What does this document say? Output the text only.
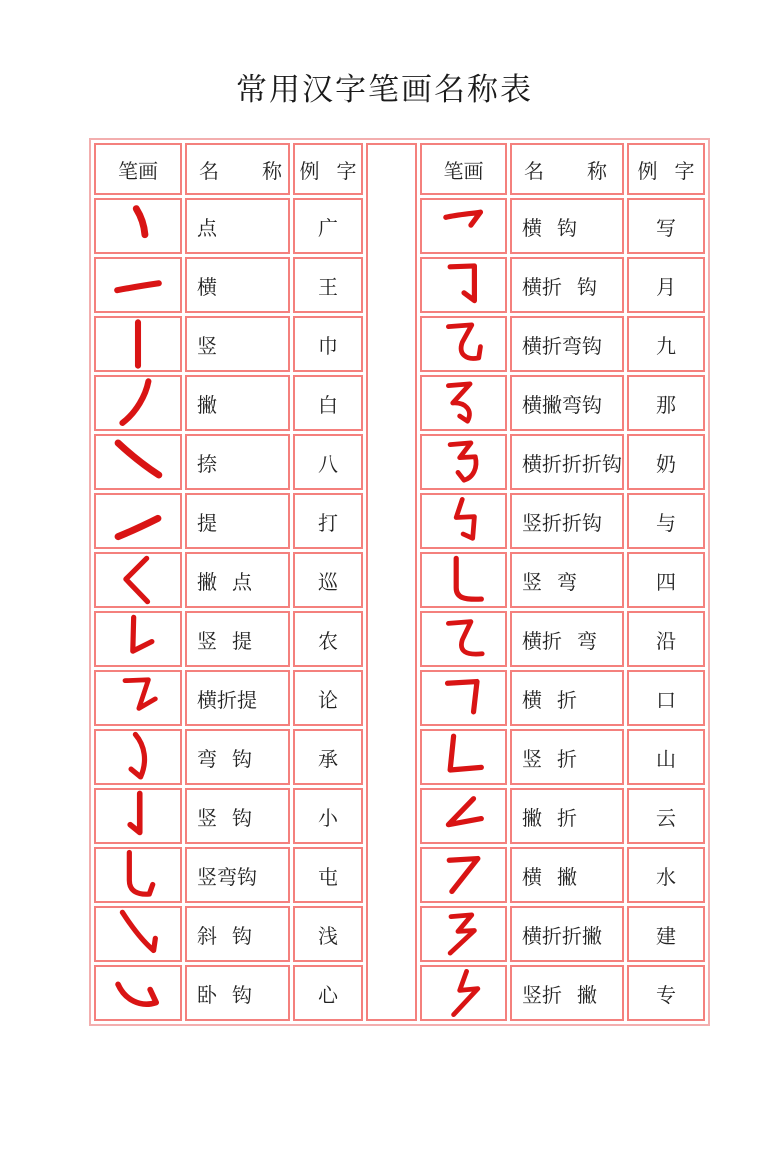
常用汉字笔画名称表
笔画	名 称	例 字		笔画	名 称	例 字

	点	广			横 钩	写

	横	王			横折 钩	月

	竖	巾			横折弯钩	九

	撇	白			横撇弯钩	那

	捺	八			横折折折钩	奶

	提	打			竖折折钩	与

	撇 点	巡			竖 弯	四

	竖 提	农			横折 弯	沿

	横折提	论			横 折	口

	弯 钩	承			竖 折	山

	竖 钩	小			撇 折	云

	竖弯钩	屯			横 撇	水

	斜 钩	浅			横折折撇	建

	卧 钩	心			竖折 撇	专
